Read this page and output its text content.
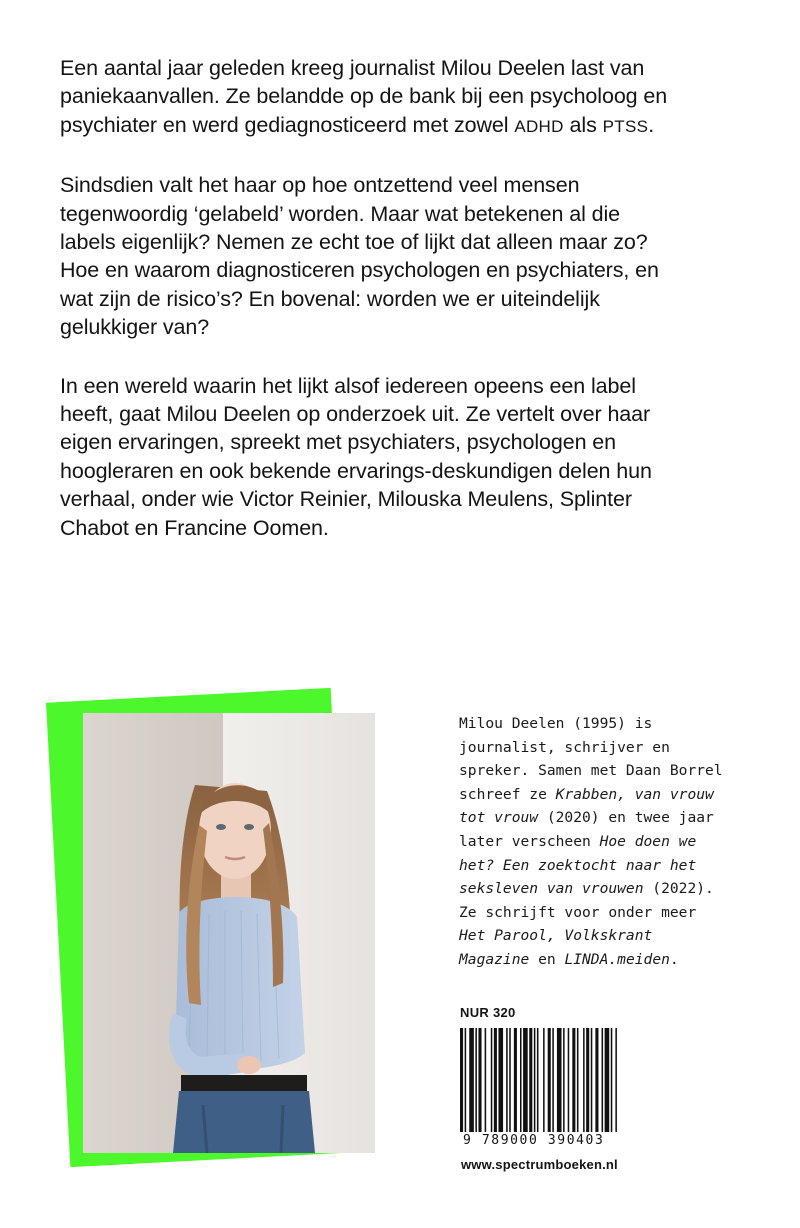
Een aantal jaar geleden kreeg journalist Milou Deelen last van paniekaanvallen. Ze belandde op de bank bij een psycholoog en psychiater en werd gediagnosticeerd met zowel ADHD als PTSS.

Sindsdien valt het haar op hoe ontzettend veel mensen tegenwoordig ‘gelabeld’ worden. Maar wat betekenen al die labels eigenlijk? Nemen ze echt toe of lijkt dat alleen maar zo? Hoe en waarom diagnosticeren psychologen en psychiaters, en wat zijn de risico’s? En bovenal: worden we er uiteindelijk gelukkiger van?

In een wereld waarin het lijkt alsof iedereen opeens een label heeft, gaat Milou Deelen op onderzoek uit. Ze vertelt over haar eigen ervaringen, spreekt met psychiaters, psychologen en hoogleraren en ook bekende ervarings-deskundigen delen hun verhaal, onder wie Victor Reinier, Milouska Meulens, Splinter Chabot en Francine Oomen.

Milou Deelen (1995) is
journalist, schrijver en
spreker. Samen met Daan Borrel
schreef ze Krabben, van vrouw
tot vrouw (2020) en twee jaar
later verscheen Hoe doen we
het? Een zoektocht naar het
seksleven van vrouwen (2022).
Ze schrijft voor onder meer
Het Parool, Volkskrant
Magazine en LINDA.meiden.
NUR 320
9 789000 390403
www.spectrumboeken.nl
